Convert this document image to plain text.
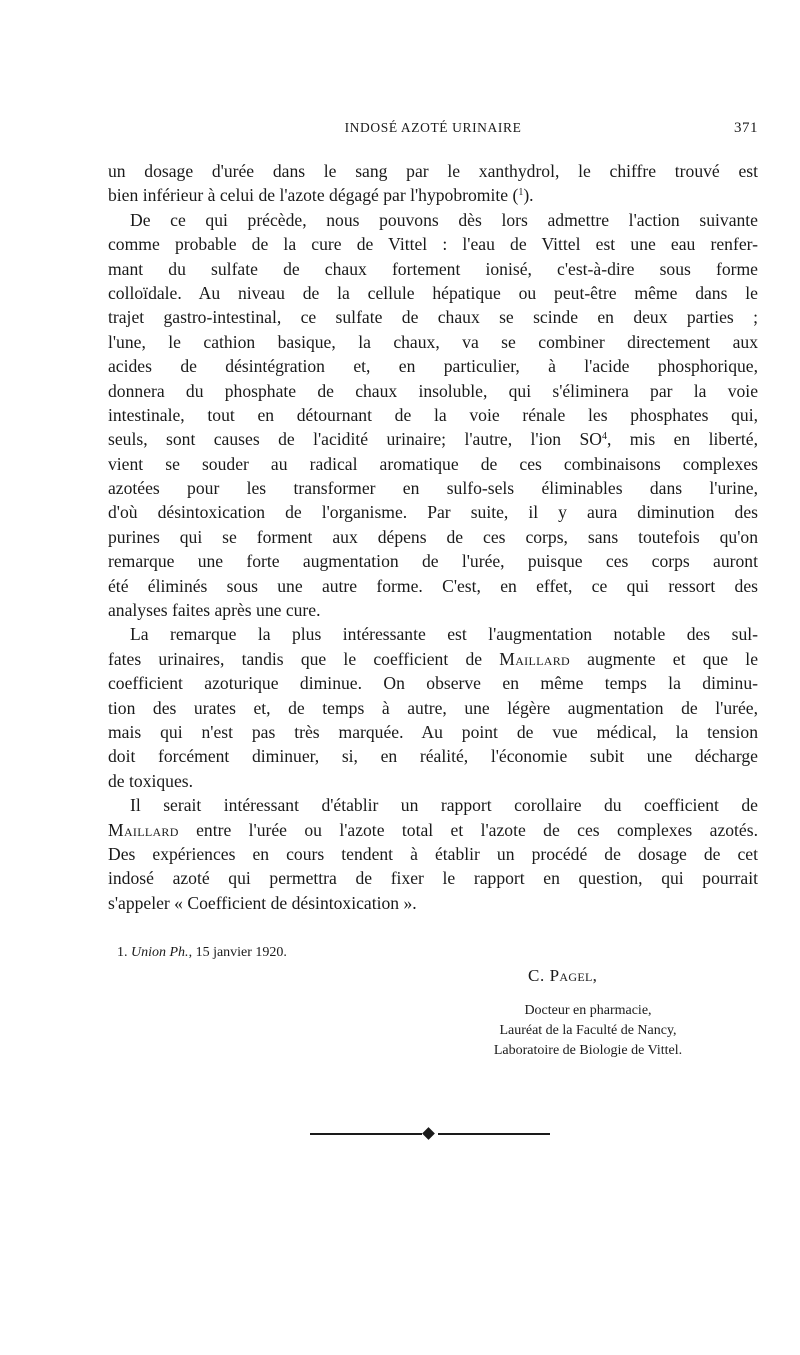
INDOSÉ AZOTÉ URINAIRE	371
un dosage d'urée dans le sang par le xanthydrol, le chiffre trouvé est
bien inférieur à celui de l'azote dégagé par l'hypobromite ($^1$).
De ce qui précède, nous pouvons dès lors admettre l'action suivante
comme probable de la cure de Vittel : l'eau de Vittel est une eau renfer-
mant du sulfate de chaux fortement ionisé, c'est-à-dire sous forme
colloïdale. Au niveau de la cellule hépatique ou peut-être même dans le
trajet gastro-intestinal, ce sulfate de chaux se scinde en deux parties ;
l'une, le cathion basique, la chaux, va se combiner directement aux
acides de désintégration et, en particulier, à l'acide phosphorique,
donnera du phosphate de chaux insoluble, qui s'éliminera par la voie
intestinale, tout en détournant de la voie rénale les phosphates qui,
seuls, sont causes de l'acidité urinaire; l'autre, l'ion $SO^4$, mis en liberté,
vient se souder au radical aromatique de ces combinaisons complexes
azotées pour les transformer en sulfo-sels éliminables dans l'urine,
d'où désintoxication de l'organisme. Par suite, il y aura diminution des
purines qui se forment aux dépens de ces corps, sans toutefois qu'on
remarque une forte augmentation de l'urée, puisque ces corps auront
été éliminés sous une autre forme. C'est, en effet, ce qui ressort des
analyses faites après une cure.
La remarque la plus intéressante est l'augmentation notable des sul-
fates urinaires, tandis que le coefficient de Maillard augmente et que le
coefficient azoturique diminue. On observe en même temps la diminu-
tion des urates et, de temps à autre, une légère augmentation de l'urée,
mais qui n'est pas très marquée. Au point de vue médical, la tension
doit forcément diminuer, si, en réalité, l'économie subit une décharge
de toxiques.
Il serait intéressant d'établir un rapport corollaire du coefficient de
Maillard entre l'urée ou l'azote total et l'azote de ces complexes azotés.
Des expériences en cours tendent à établir un procédé de dosage de cet
indosé azoté qui permettra de fixer le rapport en question, qui pourrait
s'appeler « Coefficient de désintoxication ».
1. Union Ph., 15 janvier 1920.
C. Pagel,
Docteur en pharmacie,
Lauréat de la Faculté de Nancy,
Laboratoire de Biologie de Vittel.
